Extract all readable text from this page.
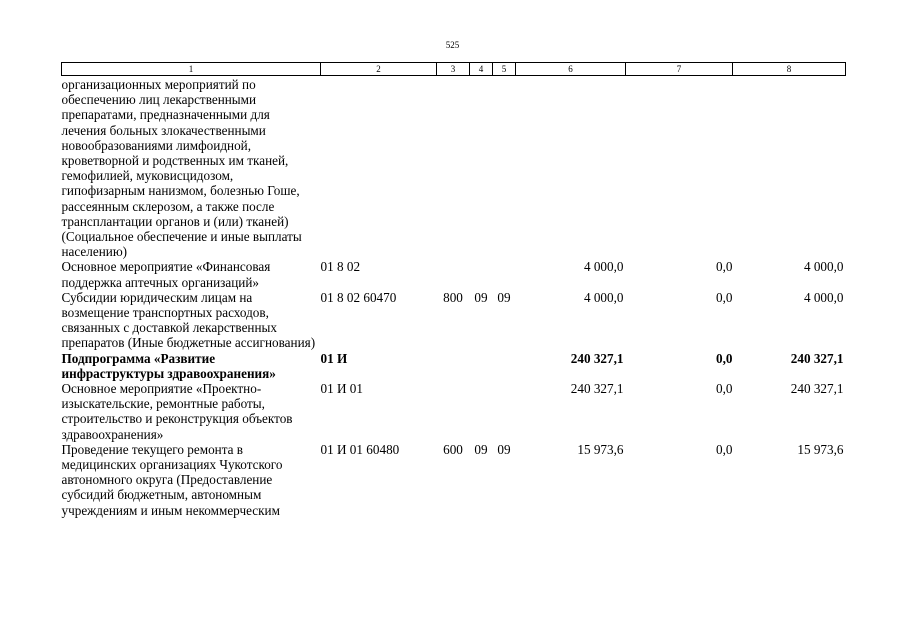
525
1	2	3	4	5	6	7	8
организационных мероприятий по обеспечению лиц лекарственными препаратами, предназначенными для лечения больных злокачественными новообразованиями лимфоидной, кроветворной и родственных им тканей, гемофилией, муковисцидозом, гипофизарным нанизмом, болезнью Гоше, рассеянным склерозом, а также после трансплантации органов и (или) тканей) (Социальное обеспечение и иные выплаты населению)							
Основное мероприятие «Финансовая поддержка аптечных организаций»	01 8 02				4 000,0	0,0	4 000,0
Субсидии юридическим лицам на возмещение транспортных расходов, связанных с доставкой лекарственных препаратов (Иные бюджетные ассигнования)	01 8 02 60470	800	09	09	4 000,0	0,0	4 000,0
Подпрограмма «Развитие инфраструктуры здравоохранения»	01 И				240 327,1	0,0	240 327,1
Основное мероприятие «Проектно-изыскательские, ремонтные работы, строительство и реконструкция объектов здравоохранения»	01 И 01				240 327,1	0,0	240 327,1
Проведение текущего ремонта в медицинских организациях Чукотского автономного округа (Предоставление субсидий бюджетным, автономным учреждениям и иным некоммерческим	01 И 01 60480	600	09	09	15 973,6	0,0	15 973,6
